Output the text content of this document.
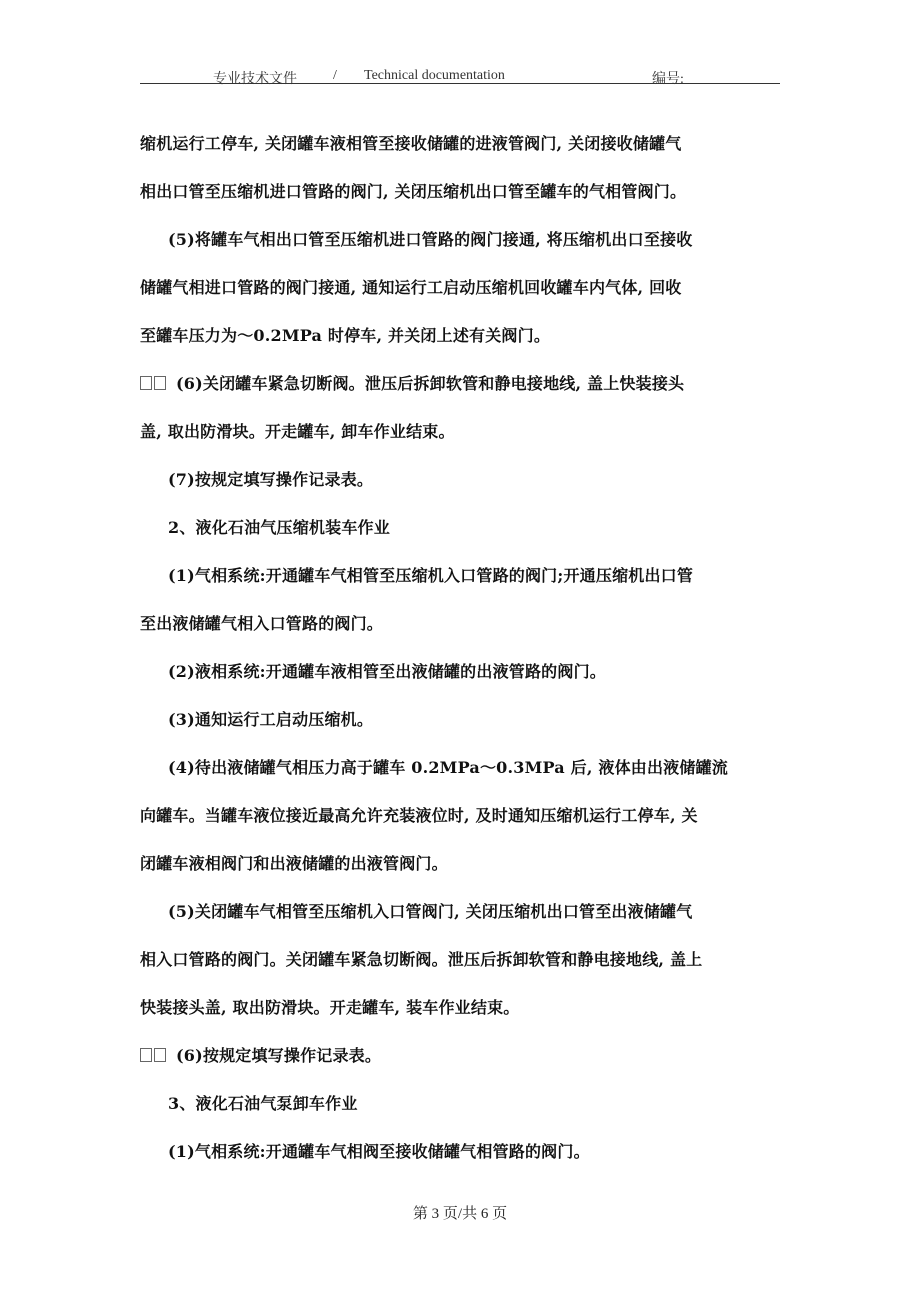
专业技术文件	/ Technical documentation	编号:
缩机运行工停车, 关闭罐车液相管至接收储罐的进液管阀门, 关闭接收储罐气
相出口管至压缩机进口管路的阀门, 关闭压缩机出口管至罐车的气相管阀门。
(5)将罐车气相出口管至压缩机进口管路的阀门接通, 将压缩机出口至接收
储罐气相进口管路的阀门接通, 通知运行工启动压缩机回收罐车内气体, 回收
至罐车压力为～0.2MPa 时停车, 并关闭上述有关阀门。
(6)关闭罐车紧急切断阀。泄压后拆卸软管和静电接地线, 盖上快装接头
盖, 取出防滑块。开走罐车, 卸车作业结束。
(7)按规定填写操作记录表。
2、液化石油气压缩机装车作业
(1)气相系统:开通罐车气相管至压缩机入口管路的阀门;开通压缩机出口管
至出液储罐气相入口管路的阀门。
(2)液相系统:开通罐车液相管至出液储罐的出液管路的阀门。
(3)通知运行工启动压缩机。
(4)待出液储罐气相压力高于罐车 0.2MPa～0.3MPa 后, 液体由出液储罐流
向罐车。当罐车液位接近最高允许充装液位时, 及时通知压缩机运行工停车, 关
闭罐车液相阀门和出液储罐的出液管阀门。
(5)关闭罐车气相管至压缩机入口管阀门, 关闭压缩机出口管至出液储罐气
相入口管路的阀门。关闭罐车紧急切断阀。泄压后拆卸软管和静电接地线, 盖上
快装接头盖, 取出防滑块。开走罐车, 装车作业结束。
(6)按规定填写操作记录表。
3、液化石油气泵卸车作业
(1)气相系统:开通罐车气相阀至接收储罐气相管路的阀门。
第 3 页/共 6 页
